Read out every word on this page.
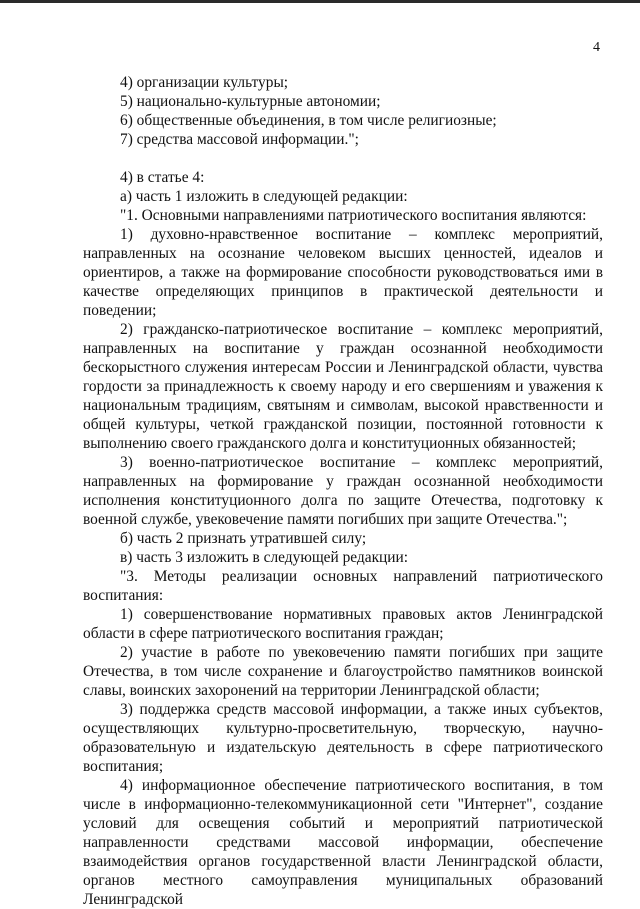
4
4) организации культуры;
5) национально-культурные автономии;
6) общественные объединения, в том числе религиозные;
7) средства массовой информации.";
4) в статье 4:
а) часть 1 изложить в следующей редакции:
"1. Основными направлениями патриотического воспитания являются:
1) духовно-нравственное воспитание – комплекс мероприятий, направленных на осознание человеком высших ценностей, идеалов и ориентиров, а также на формирование способности руководствоваться ими в качестве определяющих принципов в практической деятельности и поведении;
2) гражданско-патриотическое воспитание – комплекс мероприятий, направленных на воспитание у граждан осознанной необходимости бескорыстного служения интересам России и Ленинградской области, чувства гордости за принадлежность к своему народу и его свершениям и уважения к национальным традициям, святыням и символам, высокой нравственности и общей культуры, четкой гражданской позиции, постоянной готовности к выполнению своего гражданского долга и конституционных обязанностей;
3) военно-патриотическое воспитание – комплекс мероприятий, направленных на формирование у граждан осознанной необходимости исполнения конституционного долга по защите Отечества, подготовку к военной службе, увековечение памяти погибших при защите Отечества.";
б) часть 2 признать утратившей силу;
в) часть 3 изложить в следующей редакции:
"3. Методы реализации основных направлений патриотического воспитания:
1) совершенствование нормативных правовых актов Ленинградской области в сфере патриотического воспитания граждан;
2) участие в работе по увековечению памяти погибших при защите Отечества, в том числе сохранение и благоустройство памятников воинской славы, воинских захоронений на территории Ленинградской области;
3) поддержка средств массовой информации, а также иных субъектов, осуществляющих культурно-просветительную, творческую, научно-образовательную и издательскую деятельность в сфере патриотического воспитания;
4) информационное обеспечение патриотического воспитания, в том числе в информационно-телекоммуникационной сети "Интернет", создание условий для освещения событий и мероприятий патриотической направленности средствами массовой информации, обеспечение взаимодействия органов государственной власти Ленинградской области, органов местного самоуправления муниципальных образований Ленинградской
